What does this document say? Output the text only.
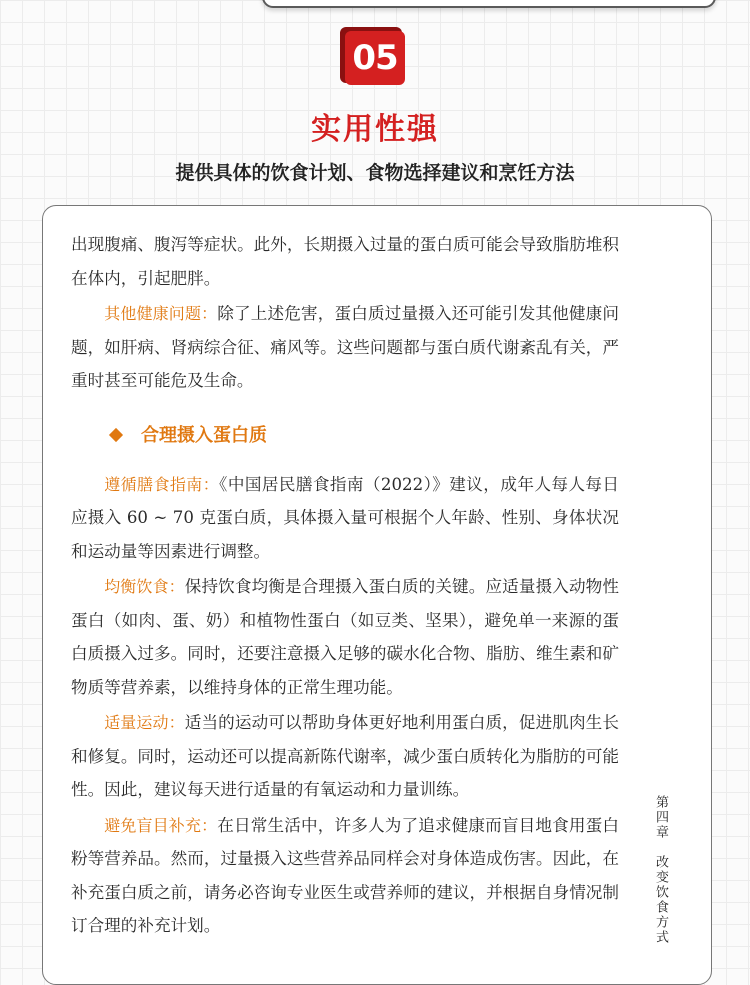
05
实用性强
提供具体的饮食计划、食物选择建议和烹饪方法

出现腹痛、腹泻等症状。此外，长期摄入过量的蛋白质可能会导致脂肪堆积在体内，引起肥胖。

其他健康问题：除了上述危害，蛋白质过量摄入还可能引发其他健康问题，如肝病、肾病综合征、痛风等。这些问题都与蛋白质代谢紊乱有关，严重时甚至可能危及生命。

合理摄入蛋白质

遵循膳食指南：《中国居民膳食指南（2022）》建议，成年人每人每日应摄入 60 ~ 70 克蛋白质，具体摄入量可根据个人年龄、性别、身体状况和运动量等因素进行调整。

均衡饮食：保持饮食均衡是合理摄入蛋白质的关键。应适量摄入动物性蛋白（如肉、蛋、奶）和植物性蛋白（如豆类、坚果），避免单一来源的蛋白质摄入过多。同时，还要注意摄入足够的碳水化合物、脂肪、维生素和矿物质等营养素，以维持身体的正常生理功能。

适量运动：适当的运动可以帮助身体更好地利用蛋白质，促进肌肉生长和修复。同时，运动还可以提高新陈代谢率，减少蛋白质转化为脂肪的可能性。因此，建议每天进行适量的有氧运动和力量训练。

避免盲目补充：在日常生活中，许多人为了追求健康而盲目地食用蛋白粉等营养品。然而，过量摄入这些营养品同样会对身体造成伤害。因此，在补充蛋白质之前，请务必咨询专业医生或营养师的建议，并根据自身情况制订合理的补充计划。	第四章　改变饮食方式
